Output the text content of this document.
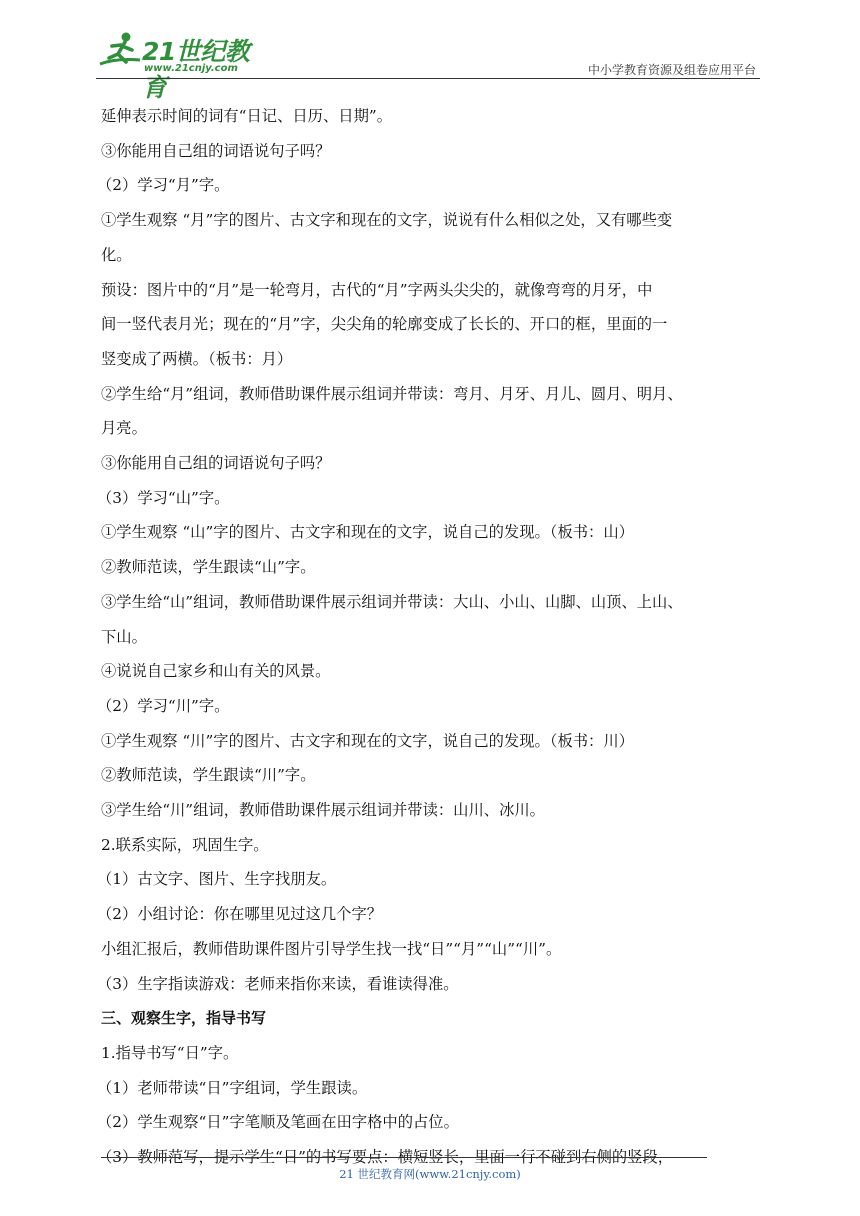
21世纪教育
www.21cnjy.com	中小学教育资源及组卷应用平台
延伸表示时间的词有“日记、日历、日期”。
③你能用自己组的词语说句子吗？
（2）学习“月”字。
①学生观察 “月”字的图片、古文字和现在的文字，说说有什么相似之处，又有哪些变
化。
预设：图片中的“月”是一轮弯月，古代的“月”字两头尖尖的，就像弯弯的月牙，中
间一竖代表月光；现在的“月”字，尖尖角的轮廓变成了长长的、开口的框，里面的一
竖变成了两横。（板书：月）
②学生给“月”组词，教师借助课件展示组词并带读：弯月、月牙、月儿、圆月、明月、
月亮。
③你能用自己组的词语说句子吗？
（3）学习“山”字。
①学生观察 “山”字的图片、古文字和现在的文字，说自己的发现。（板书：山）
②教师范读，学生跟读“山”字。
③学生给“山”组词，教师借助课件展示组词并带读：大山、小山、山脚、山顶、上山、
下山。
④说说自己家乡和山有关的风景。
（2）学习“川”字。
①学生观察 “川”字的图片、古文字和现在的文字，说自己的发现。（板书：川）
②教师范读，学生跟读“川”字。
③学生给“川”组词，教师借助课件展示组词并带读：山川、冰川。
2.联系实际，巩固生字。
（1）古文字、图片、生字找朋友。
（2）小组讨论：你在哪里见过这几个字？
小组汇报后，教师借助课件图片引导学生找一找“日”“月”“山”“川”。
（3）生字指读游戏：老师来指你来读，看谁读得准。
三、观察生字，指导书写
1.指导书写“日”字。
（1）老师带读“日”字组词，学生跟读。
（2）学生观察“日”字笔顺及笔画在田字格中的占位。
（3）教师范写，提示学生“日”的书写要点：横短竖长，里面一行不碰到右侧的竖段，
21 世纪教育网(www.21cnjy.com)
